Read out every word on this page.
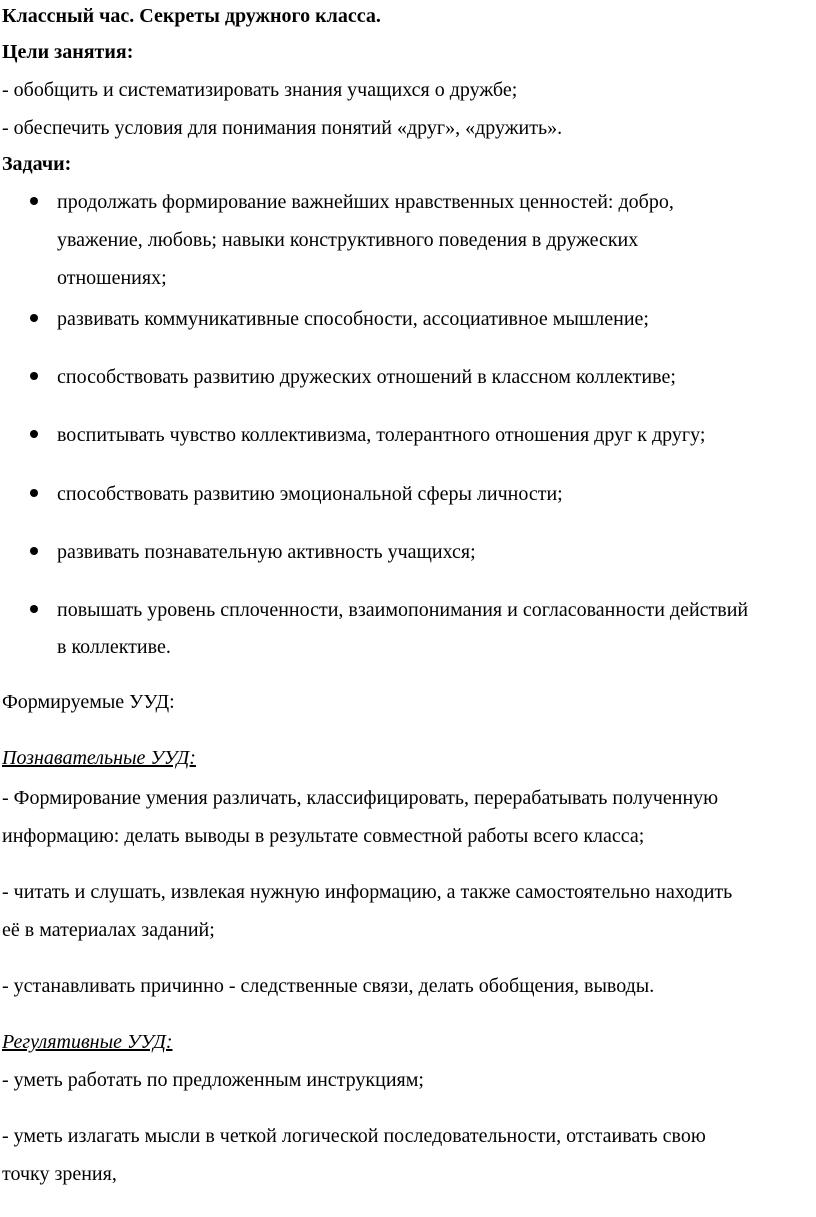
Классный час. Секреты дружного класса.
Цели занятия:
- обобщить и систематизировать знания учащихся о дружбе;
- обеспечить условия для понимания понятий «друг», «дружить».
Задачи:
продолжать формирование важнейших нравственных ценностей: добро,
уважение, любовь; навыки конструктивного поведения в дружеских
отношениях;
развивать коммуникативные способности, ассоциативное мышление;
способствовать развитию дружеских отношений в классном коллективе;
воспитывать чувство коллективизма, толерантного отношения друг к другу;
способствовать развитию эмоциональной сферы личности;
развивать познавательную активность учащихся;
повышать уровень сплоченности, взаимопонимания и согласованности действий
в коллективе.
Формируемые УУД:
Познавательные УУД:
- Формирование умения различать, классифицировать, перерабатывать полученную
информацию: делать выводы в результате совместной работы всего класса;
- читать и слушать, извлекая нужную информацию, а также самостоятельно находить
её в материалах заданий;
- устанавливать причинно - следственные связи, делать обобщения, выводы.
Регулятивные УУД:
- уметь работать по предложенным инструкциям;
- уметь излагать мысли в четкой логической последовательности, отстаивать свою
точку зрения,
